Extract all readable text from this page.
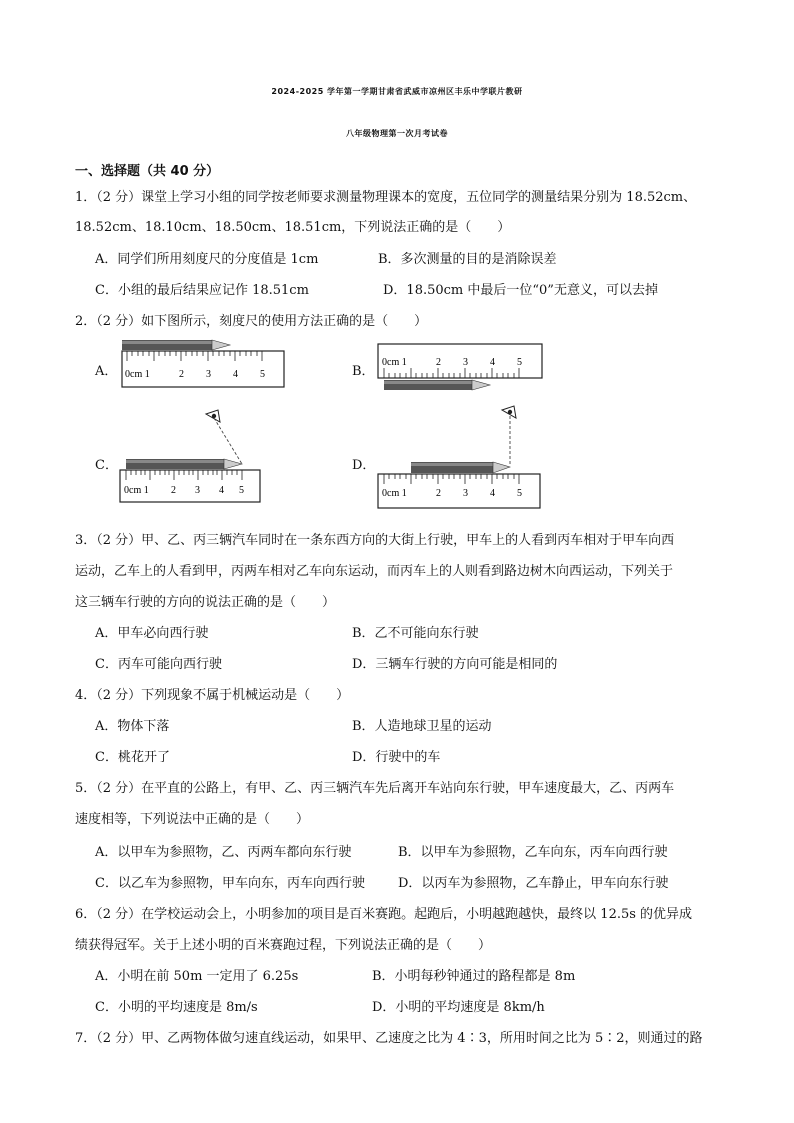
2024-2025 学年第一学期甘肃省武威市凉州区丰乐中学联片教研
八年级物理第一次月考试卷
一、选择题（共 40 分）
1．（2 分）课堂上学习小组的同学按老师要求测量物理课本的宽度，五位同学的测量结果分别为 18.52cm、
18.52cm、18.10cm、18.50cm、18.51cm，下列说法正确的是（　　）
A．同学们所用刻度尺的分度值是 1cm	B．多次测量的目的是消除误差
C．小组的最后结果应记作 18.51cm	D．18.50cm 中最后一位“0”无意义，可以去掉
2．（2 分）如下图所示，刻度尺的使用方法正确的是（　　）
A．	B．
C．	D．
0cm 1	2 3 4 5
0cm 1	2 3 4 5
0cm 1 2 3 4 5	0cm 1	2 3 4 5
3．（2 分）甲、乙、丙三辆汽车同时在一条东西方向的大街上行驶，甲车上的人看到丙车相对于甲车向西
运动，乙车上的人看到甲，丙两车相对乙车向东运动，而丙车上的人则看到路边树木向西运动，下列关于
这三辆车行驶的方向的说法正确的是（　　）
A．甲车必向西行驶	B．乙不可能向东行驶
C．丙车可能向西行驶	D．三辆车行驶的方向可能是相同的
4．（2 分）下列现象不属于机械运动是（　　）
A．物体下落	B．人造地球卫星的运动
C．桃花开了	D．行驶中的车
5．（2 分）在平直的公路上，有甲、乙、丙三辆汽车先后离开车站向东行驶，甲车速度最大，乙、丙两车
速度相等，下列说法中正确的是（　　）
A．以甲车为参照物，乙、丙两车都向东行驶	B．以甲车为参照物，乙车向东，丙车向西行驶
C．以乙车为参照物，甲车向东，丙车向西行驶	D．以丙车为参照物，乙车静止，甲车向东行驶
6．（2 分）在学校运动会上，小明参加的项目是百米赛跑。起跑后，小明越跑越快，最终以 12.5s 的优异成
绩获得冠军。关于上述小明的百米赛跑过程，下列说法正确的是（　　）
A．小明在前 50m 一定用了 6.25s	B．小明每秒钟通过的路程都是 8m
C．小明的平均速度是 8m/s	D．小明的平均速度是 8km/h
7．（2 分）甲、乙两物体做匀速直线运动，如果甲、乙速度之比为 4∶3，所用时间之比为 5∶2，则通过的路
